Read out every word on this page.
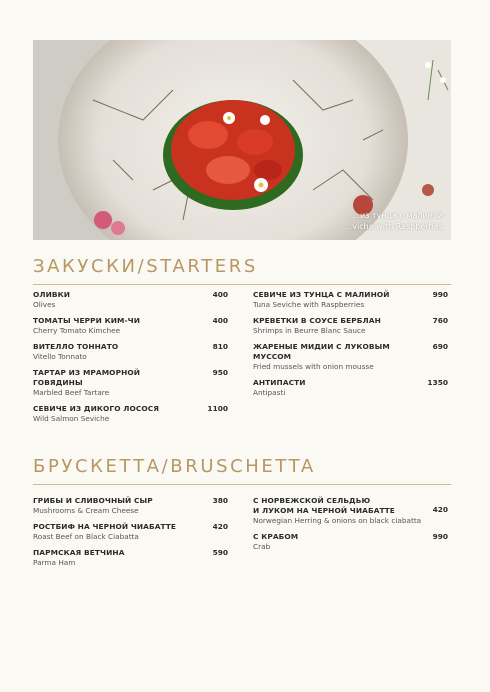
...из тунца с малиной
...viche with Raspberries
ЗАКУСКИ/STARTERS
ОЛИВКИ
Olives
400
ТОМАТЫ ЧЕРРИ КИМ-ЧИ
Cherry Tomato Kimchee
400
ВИТЕЛЛО ТОННАТО
Vitello Tonnato
810
ТАРТАР ИЗ МРАМОРНОЙ ГОВЯДИНЫ
Marbled Beef Tartare
950
СЕВИЧЕ ИЗ ДИКОГО ЛОСОСЯ
Wild Salmon Seviche
1100
СЕВИЧЕ ИЗ ТУНЦА С МАЛИНОЙ
Tuna Seviche with Raspberries
990
КРЕВЕТКИ В СОУСЕ БЕРБЛАН
Shrimps in Beurre Blanc Sauce
760
ЖАРЕНЫЕ МИДИИ С ЛУКОВЫМ МУССОМ
Fried mussels with onion mousse
690
АНТИПАСТИ
Antipasti
1350
БРУСКЕТТА/BRUSCHETTA
ГРИБЫ И СЛИВОЧНЫЙ СЫР
Mushrooms & Cream Cheese
380
РОСТБИФ НА ЧЕРНОЙ ЧИАБАТТЕ
Roast Beef on Black Ciabatta
420
ПАРМСКАЯ ВЕТЧИНА
Parma Ham
590
С НОРВЕЖСКОЙ СЕЛЬДЬЮ
И ЛУКОМ НА ЧЕРНОЙ ЧИАБАТТЕ
Norwegian Herring & onions on black ciabatta
420
С КРАБОМ
Crab
990
